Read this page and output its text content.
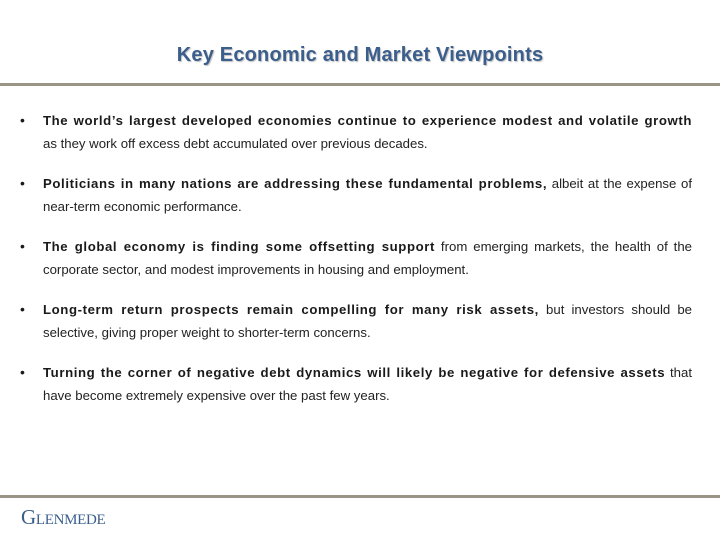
Key Economic and Market Viewpoints
• The world’s largest developed economies continue to experience modest and volatile growth as they work off excess debt accumulated over previous decades.
• Politicians in many nations are addressing these fundamental problems, albeit at the expense of near-term economic performance.
• The global economy is finding some offsetting support from emerging markets, the health of the corporate sector, and modest improvements in housing and employment.
• Long-term return prospects remain compelling for many risk assets, but investors should be selective, giving proper weight to shorter-term concerns.
• Turning the corner of negative debt dynamics will likely be negative for defensive assets that have become extremely expensive over the past few years.
Glenmede
